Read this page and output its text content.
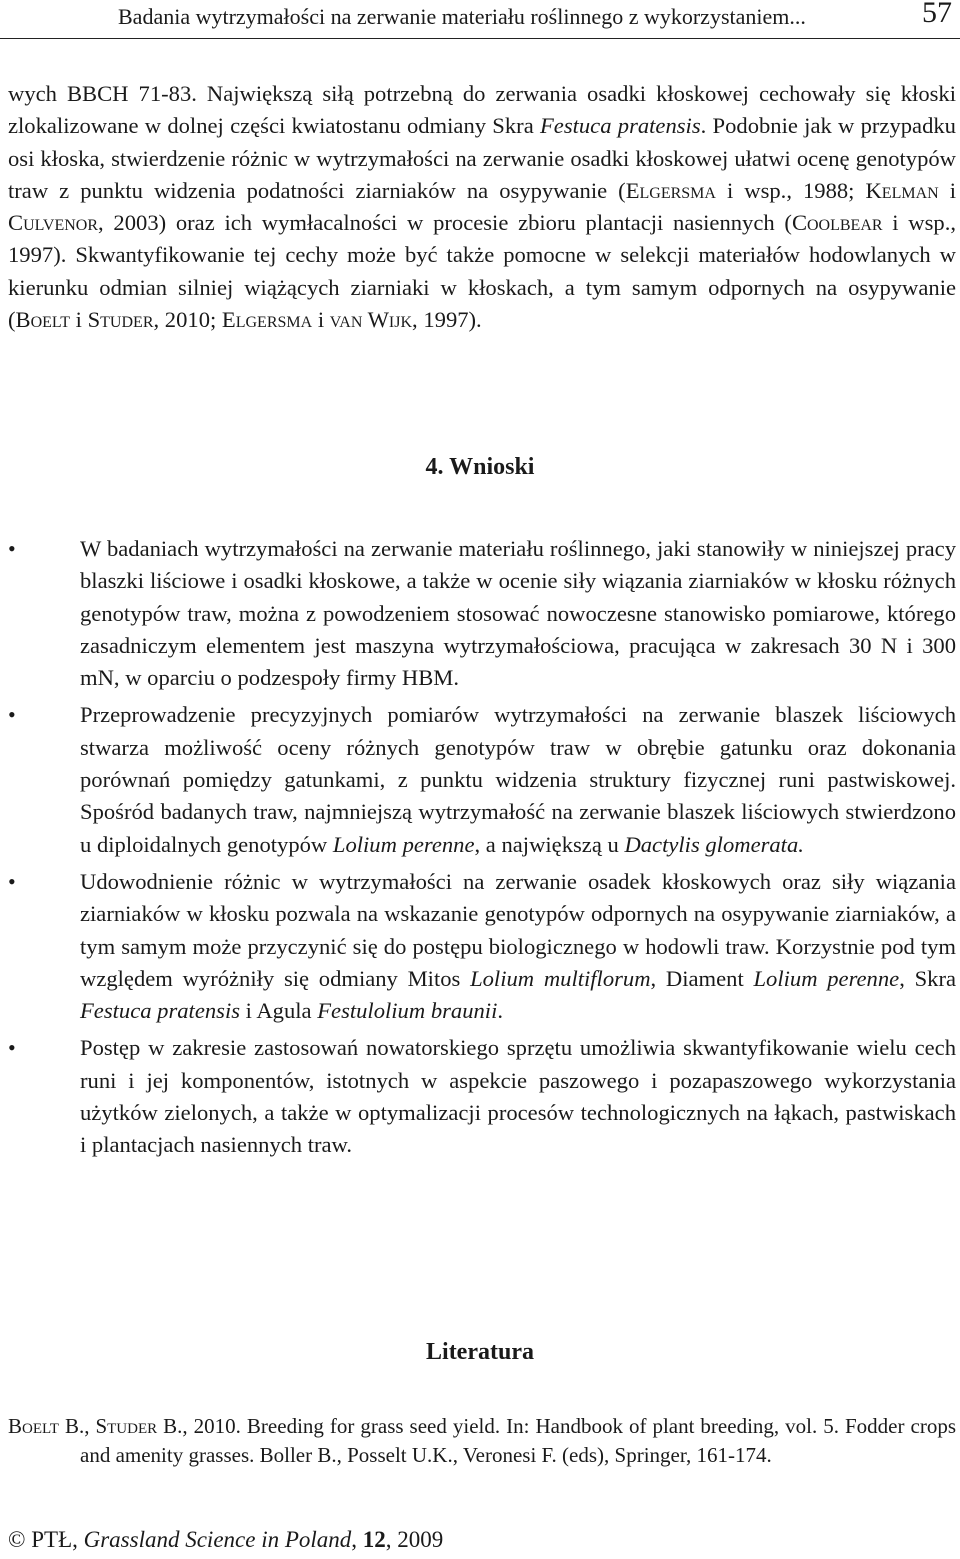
Badania wytrzymałości na zerwanie materiału roślinnego z wykorzystaniem...	57

wych BBCH 71-83. Największą siłą potrzebną do zerwania osadki kłoskowej cechowały się kłoski zlokalizowane w dolnej części kwiatostanu odmiany Skra Festuca pratensis. Podobnie jak w przypadku osi kłoska, stwierdzenie różnic w wytrzymałości na zerwanie osadki kłoskowej ułatwi ocenę genotypów traw z punktu widzenia podatności ziarniaków na osypywanie (Elgersma i wsp., 1988; Kelman i Culvenor, 2003) oraz ich wymłacalności w procesie zbioru plantacji nasiennych (Coolbear i wsp., 1997). Skwantyfikowanie tej cechy może być także pomocne w selekcji materiałów hodowlanych w kierunku odmian silniej wiążących ziarniaki w kłoskach, a tym samym odpornych na osypywanie (Boelt i Studer, 2010; Elgersma i van Wijk, 1997).

4. Wnioski
•	W badaniach wytrzymałości na zerwanie materiału roślinnego, jaki stanowiły w niniejszej pracy blaszki liściowe i osadki kłoskowe, a także w ocenie siły wiązania ziarniaków w kłosku różnych genotypów traw, można z powodzeniem stosować nowoczesne stanowisko pomiarowe, którego zasadniczym elementem jest maszyna wytrzymałościowa, pracująca w zakresach 30 N i 300 mN, w oparciu o podzespoły firmy HBM.
•	Przeprowadzenie precyzyjnych pomiarów wytrzymałości na zerwanie blaszek liściowych stwarza możliwość oceny różnych genotypów traw w obrębie gatunku oraz dokonania porównań pomiędzy gatunkami, z punktu widzenia struktury fizycznej runi pastwiskowej. Spośród badanych traw, najmniejszą wytrzymałość na zerwanie blaszek liściowych stwierdzono u diploidalnych genotypów Lolium perenne, a największą u Dactylis glomerata.
•	Udowodnienie różnic w wytrzymałości na zerwanie osadek kłoskowych oraz siły wiązania ziarniaków w kłosku pozwala na wskazanie genotypów odpornych na osypywanie ziarniaków, a tym samym może przyczynić się do postępu biologicznego w hodowli traw. Korzystnie pod tym względem wyróżniły się odmiany Mitos Lolium multiflorum, Diament Lolium perenne, Skra Festuca pratensis i Agula Festulolium braunii.
•	Postęp w zakresie zastosowań nowatorskiego sprzętu umożliwia skwantyfikowanie wielu cech runi i jej komponentów, istotnych w aspekcie paszowego i pozapaszowego wykorzystania użytków zielonych, a także w optymalizacji procesów technologicznych na łąkach, pastwiskach i plantacjach nasiennych traw.
Literatura
Boelt B., Studer B., 2010. Breeding for grass seed yield. In: Handbook of plant breeding, vol. 5. Fodder crops and amenity grasses. Boller B., Posselt U.K., Veronesi F. (eds), Springer, 161-174.
© PTŁ, Grassland Science in Poland, 12, 2009
